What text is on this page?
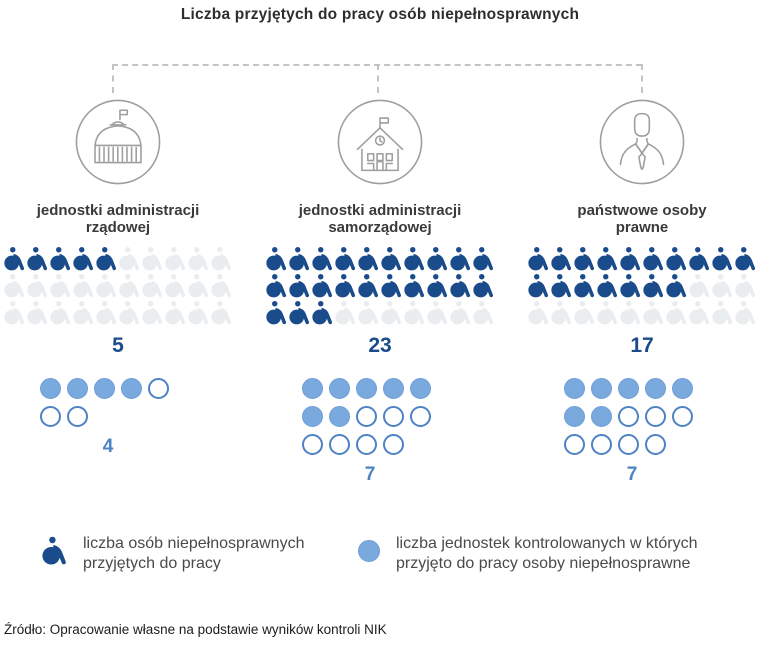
Liczba przyjętych do pracy osób niepełnosprawnych
jednostki administracji
rządowej
5
4
jednostki administracji
samorządowej
23
7
państwowe osoby
prawne
17
7
liczba osób niepełnosprawnych
przyjętych do pracy
liczba jednostek kontrolowanych w których
przyjęto do pracy osoby niepełnosprawne
Źródło: Opracowanie własne na podstawie wyników kontroli NIK
